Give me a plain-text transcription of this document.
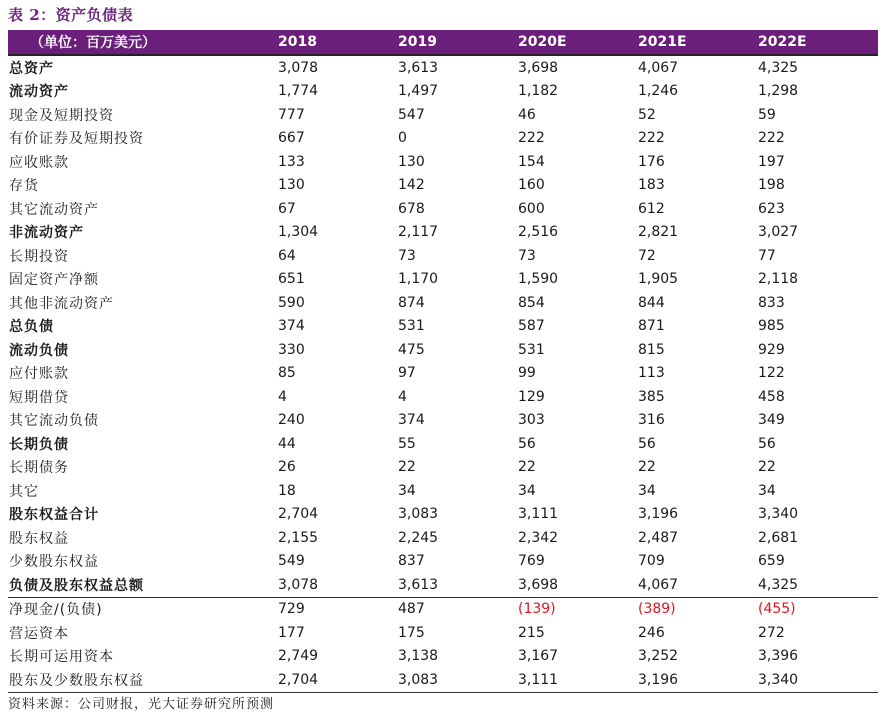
表 2：资产负债表
（单位：百万美元）	2018	2019	2020E	2021E	2022E
总资产	3,078	3,613	3,698	4,067	4,325
流动资产	1,774	1,497	1,182	1,246	1,298
现金及短期投资	777	547	46	52	59
有价证券及短期投资	667	0	222	222	222
应收账款	133	130	154	176	197
存货	130	142	160	183	198
其它流动资产	67	678	600	612	623
非流动资产	1,304	2,117	2,516	2,821	3,027
长期投资	64	73	73	72	77
固定资产净额	651	1,170	1,590	1,905	2,118
其他非流动资产	590	874	854	844	833
总负债	374	531	587	871	985
流动负债	330	475	531	815	929
应付账款	85	97	99	113	122
短期借贷	4	4	129	385	458
其它流动负债	240	374	303	316	349
长期负债	44	55	56	56	56
长期债务	26	22	22	22	22
其它	18	34	34	34	34
股东权益合计	2,704	3,083	3,111	3,196	3,340
股东权益	2,155	2,245	2,342	2,487	2,681
少数股东权益	549	837	769	709	659
负债及股东权益总额	3,078	3,613	3,698	4,067	4,325
净现金/(负债)	729	487	(139)	(389)	(455)
营运资本	177	175	215	246	272
长期可运用资本	2,749	3,138	3,167	3,252	3,396
股东及少数股东权益	2,704	3,083	3,111	3,196	3,340
资料来源：公司财报，光大证券研究所预测
